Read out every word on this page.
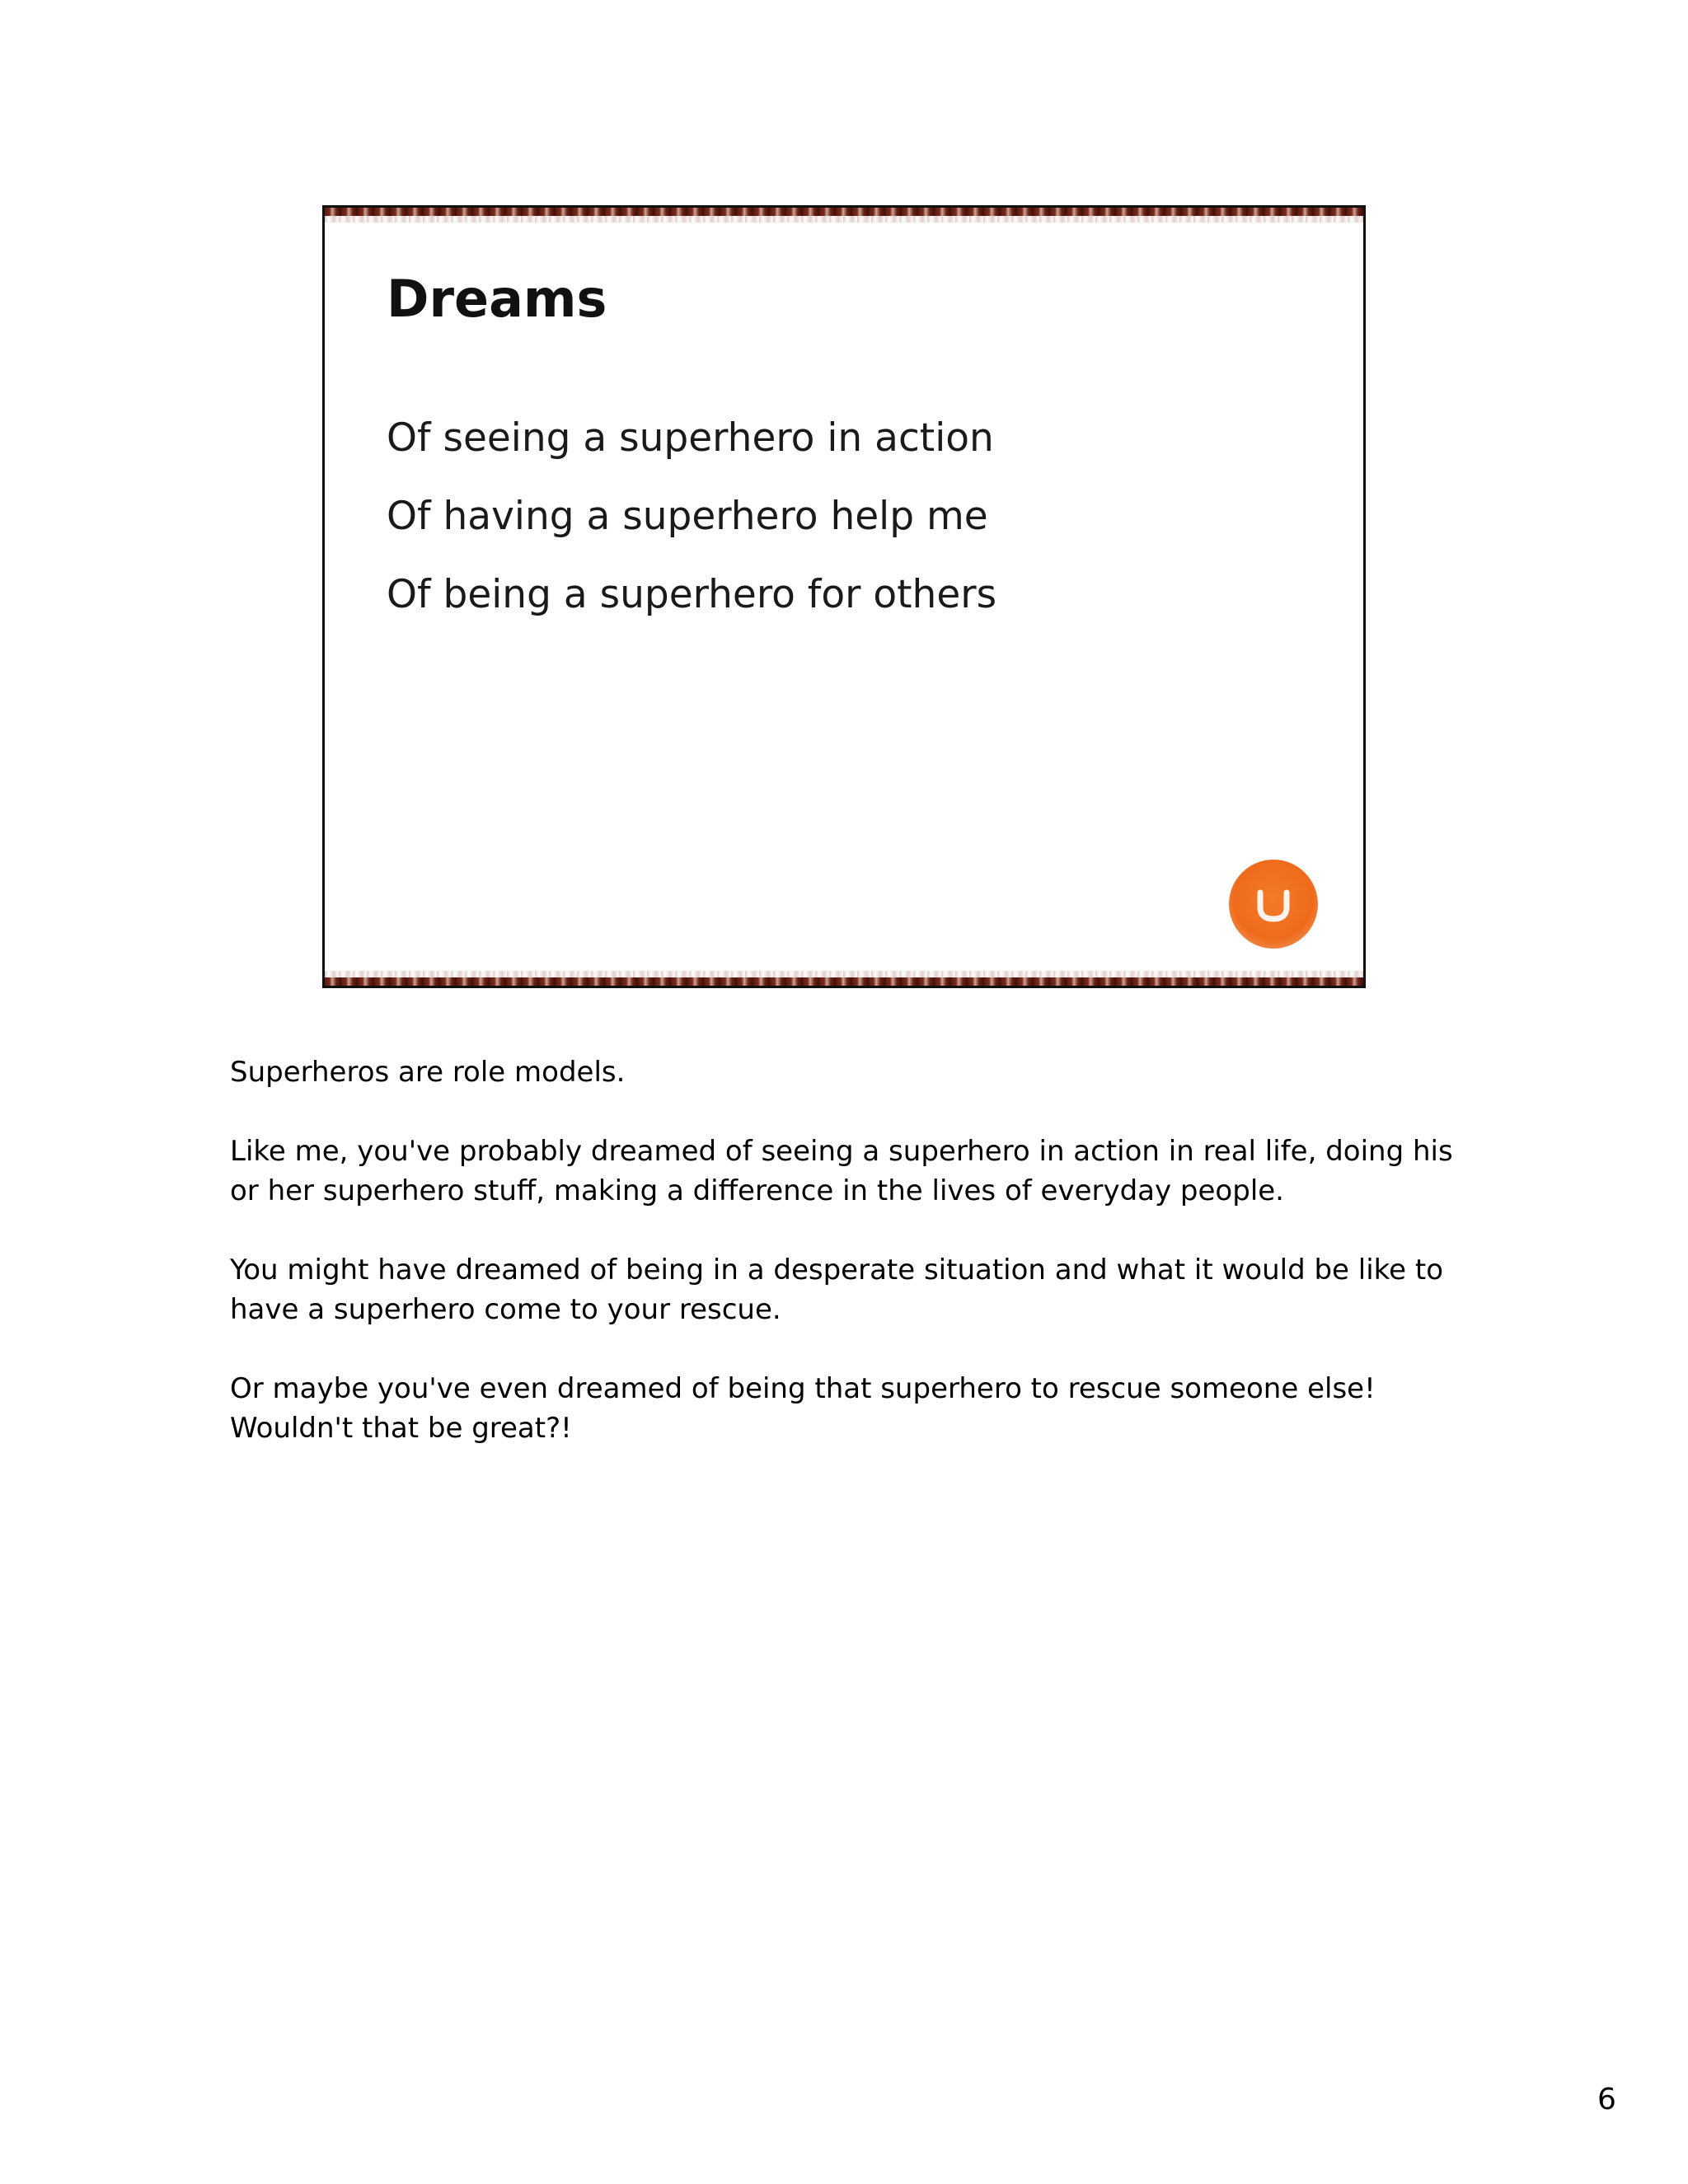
Dreams
Of seeing a superhero in action
Of having a superhero help me
Of being a superhero for others

Superheros are role models.

Like me, you've probably dreamed of seeing a superhero in action in real life, doing his or her superhero stuff, making a difference in the lives of everyday people.

You might have dreamed of being in a desperate situation and what it would be like to have a superhero come to your rescue.

Or maybe you've even dreamed of being that superhero to rescue someone else! Wouldn't that be great?!

6
